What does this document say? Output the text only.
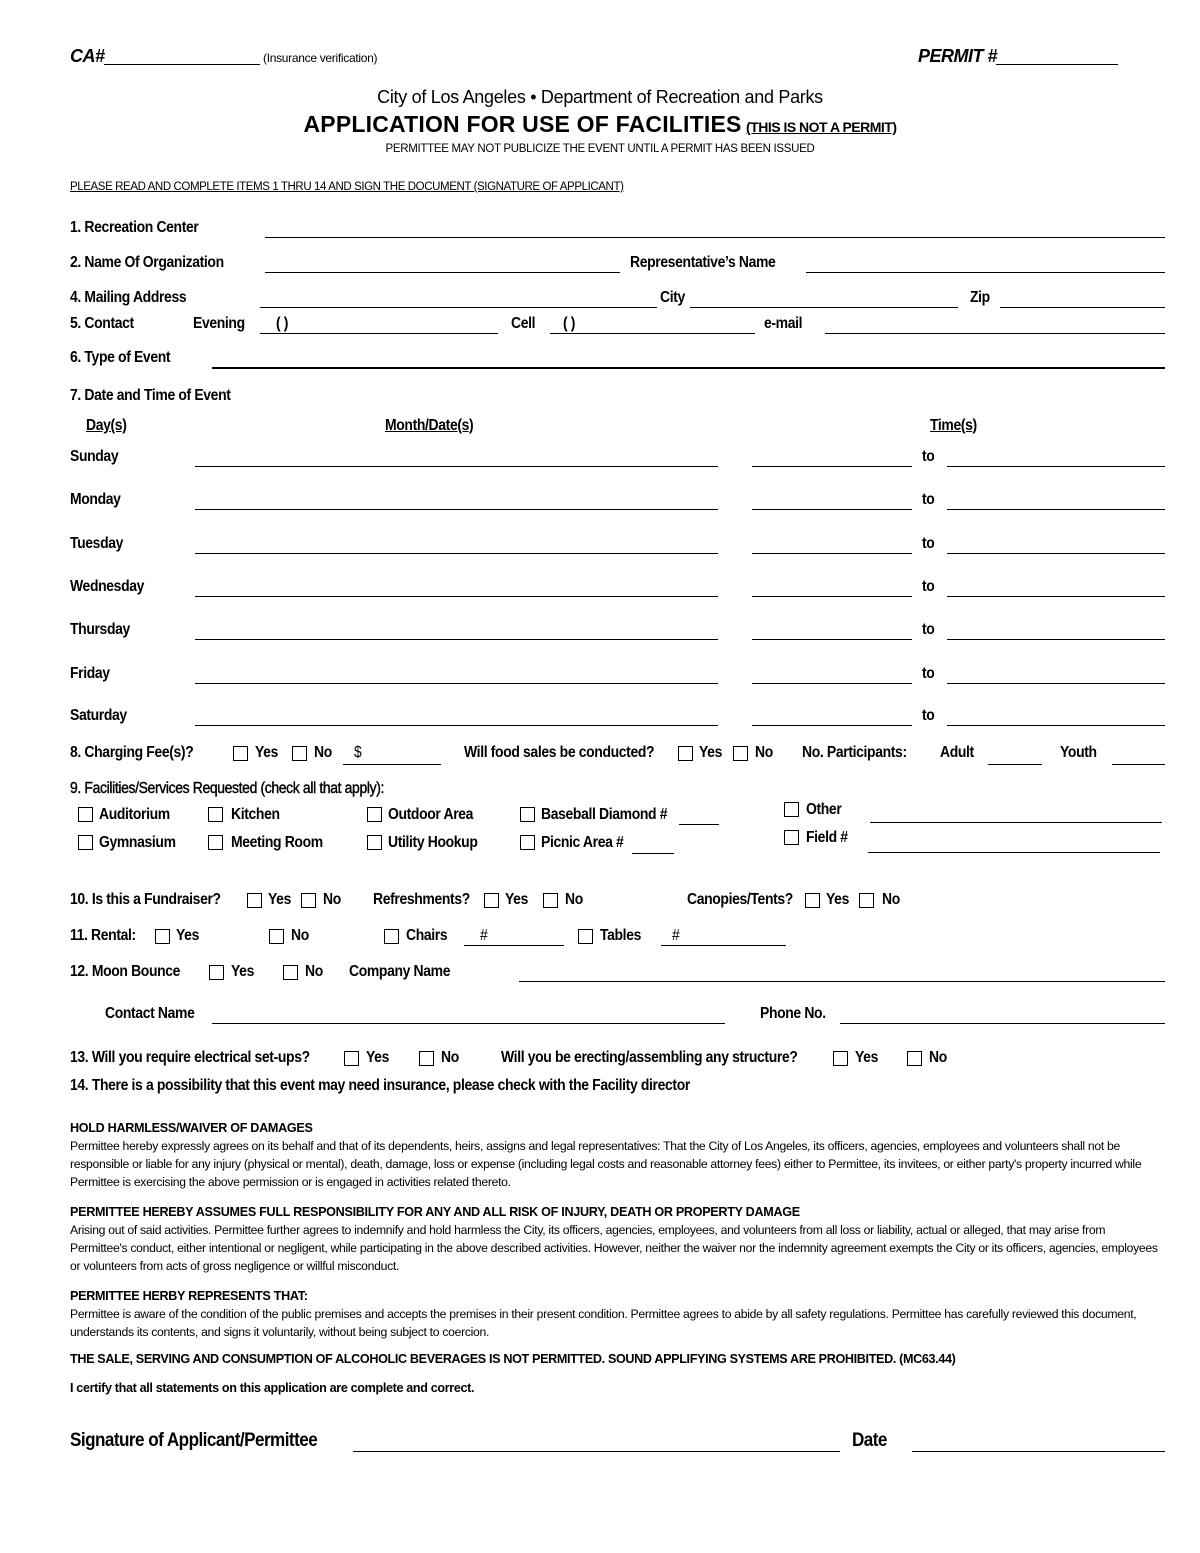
CA#	(Insurance verification)	PERMIT #
City of Los Angeles • Department of Recreation and Parks
APPLICATION FOR USE OF FACILITIES (THIS IS NOT A PERMIT)
PERMITTEE MAY NOT PUBLICIZE THE EVENT UNTIL A PERMIT HAS BEEN ISSUED
PLEASE READ AND COMPLETE ITEMS 1 THRU 14 AND SIGN THE DOCUMENT (SIGNATURE OF APPLICANT)
1. Recreation Center
2. Name Of Organization	Representative’s Name
4. Mailing Address	City	Zip
5. Contact	Evening ( )	Cell ( )	e-mail
6. Type of Event
7. Date and Time of Event
Day(s)	Month/Date(s)	Time(s)
Sunday	to
Monday	to
Tuesday	to
Wednesday	to
Thursday	to
Friday	to
Saturday	to
8. Charging Fee(s)?	Yes No $	Will food sales be conducted?	Yes No No. Participants: Adult	Youth
9. Facilities/Services Requested (check all that apply):
Auditorium	Kitchen	Outdoor Area	Baseball Diamond #	Other
Gymnasium	Meeting Room	Utility Hookup	Picnic Area #	Field #
10. Is this a Fundraiser?	Yes No Refreshments? Yes No	Canopies/Tents? Yes No
11. Rental:	Yes	No	Chairs #	Tables #
12. Moon Bounce	Yes	No Company Name
Contact Name	Phone No.
13. Will you require electrical set-ups?	Yes	No	Will you be erecting/assembling any structure?	Yes	No
14. There is a possibility that this event may need insurance, please check with the Facility director
HOLD HARMLESS/WAIVER OF DAMAGES
Permittee hereby expressly agrees on its behalf and that of its dependents, heirs, assigns and legal representatives: That the City of Los Angeles, its officers, agencies, employees and volunteers shall not be responsible or liable for any injury (physical or mental), death, damage, loss or expense (including legal costs and reasonable attorney fees) either to Permittee, its invitees, or either party's property incurred while Permittee is exercising the above permission or is engaged in activities related thereto.
PERMITTEE HEREBY ASSUMES FULL RESPONSIBILITY FOR ANY AND ALL RISK OF INJURY, DEATH OR PROPERTY DAMAGE
Arising out of said activities. Permittee further agrees to indemnify and hold harmless the City, its officers, agencies, employees, and volunteers from all loss or liability, actual or alleged, that may arise from Permittee's conduct, either intentional or negligent, while participating in the above described activities. However, neither the waiver nor the indemnity agreement exempts the City or its officers, agencies, employees or volunteers from acts of gross negligence or willful misconduct.
PERMITTEE HERBY REPRESENTS THAT:
Permittee is aware of the condition of the public premises and accepts the premises in their present condition. Permittee agrees to abide by all safety regulations. Permittee has carefully reviewed this document, understands its contents, and signs it voluntarily, without being subject to coercion.
THE SALE, SERVING AND CONSUMPTION OF ALCOHOLIC BEVERAGES IS NOT PERMITTED. SOUND APPLIFYING SYSTEMS ARE PROHIBITED. (MC63.44)
I certify that all statements on this application are complete and correct.
Signature of Applicant/Permittee	Date
